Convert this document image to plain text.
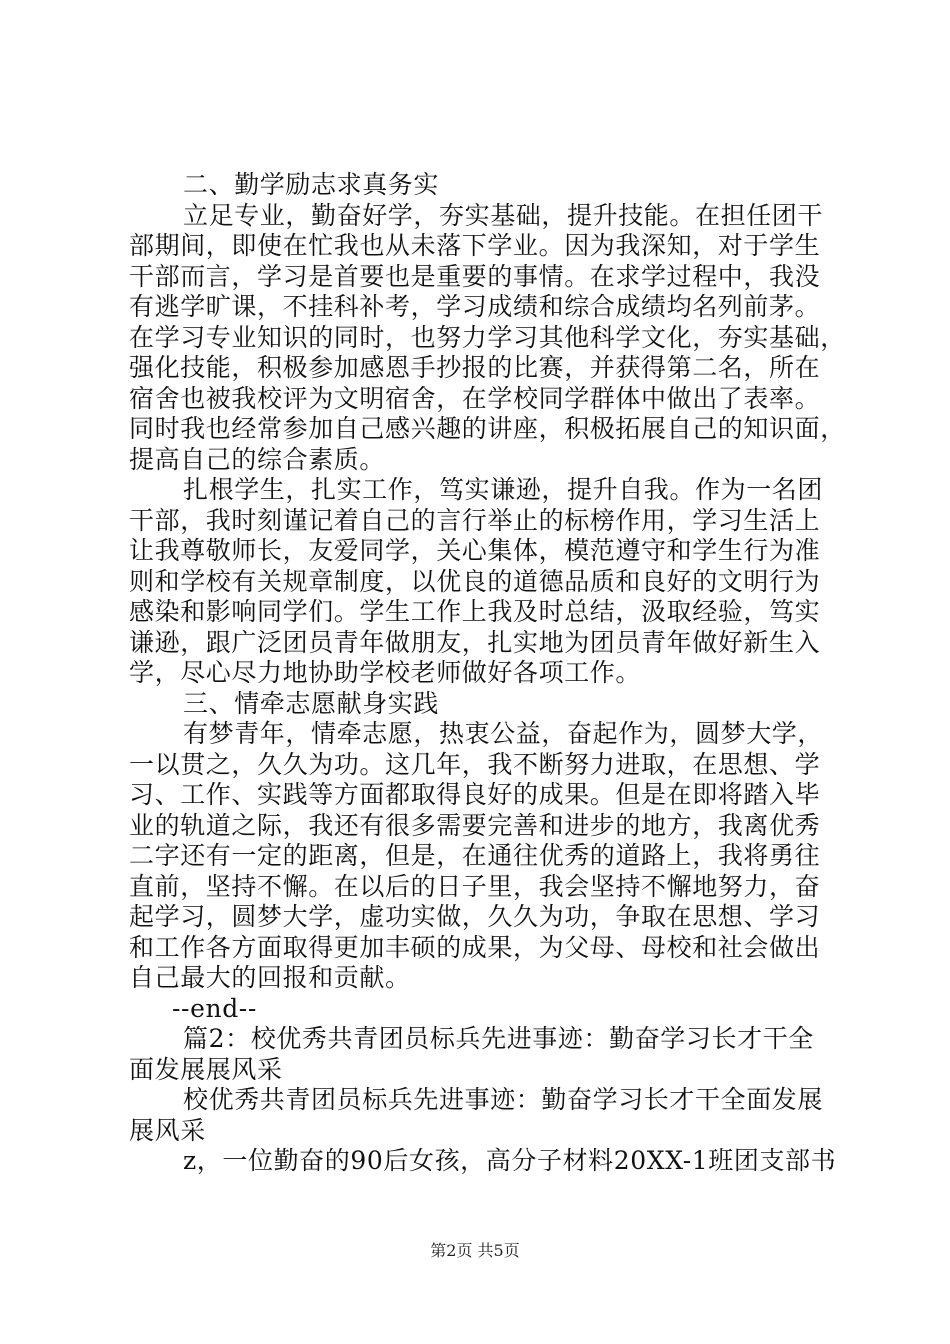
二、勤学励志求真务实
立足专业，勤奋好学，夯实基础，提升技能。在担任团干
部期间，即使在忙我也从未落下学业。因为我深知，对于学生
干部而言，学习是首要也是重要的事情。在求学过程中，我没
有逃学旷课，不挂科补考，学习成绩和综合成绩均名列前茅。
在学习专业知识的同时，也努力学习其他科学文化，夯实基础，
强化技能，积极参加感恩手抄报的比赛，并获得第二名，所在
宿舍也被我校评为文明宿舍，在学校同学群体中做出了表率。
同时我也经常参加自己感兴趣的讲座，积极拓展自己的知识面，
提高自己的综合素质。
扎根学生，扎实工作，笃实谦逊，提升自我。作为一名团
干部，我时刻谨记着自己的言行举止的标榜作用，学习生活上
让我尊敬师长，友爱同学，关心集体，模范遵守和学生行为准
则和学校有关规章制度，以优良的道德品质和良好的文明行为
感染和影响同学们。学生工作上我及时总结，汲取经验，笃实
谦逊，跟广泛团员青年做朋友，扎实地为团员青年做好新生入
学，尽心尽力地协助学校老师做好各项工作。
三、情牵志愿献身实践
有梦青年，情牵志愿，热衷公益，奋起作为，圆梦大学，
一以贯之，久久为功。这几年，我不断努力进取，在思想、学
习、工作、实践等方面都取得良好的成果。但是在即将踏入毕
业的轨道之际，我还有很多需要完善和进步的地方，我离优秀
二字还有一定的距离，但是，在通往优秀的道路上，我将勇往
直前，坚持不懈。在以后的日子里，我会坚持不懈地努力，奋
起学习，圆梦大学，虚功实做，久久为功，争取在思想、学习
和工作各方面取得更加丰硕的成果，为父母、母校和社会做出
自己最大的回报和贡献。
--end--
篇2：校优秀共青团员标兵先进事迹：勤奋学习长才干全
面发展展风采
校优秀共青团员标兵先进事迹：勤奋学习长才干全面发展
展风采
z，一位勤奋的90后女孩，高分子材料20XX-1班团支部书
第2页 共5页
